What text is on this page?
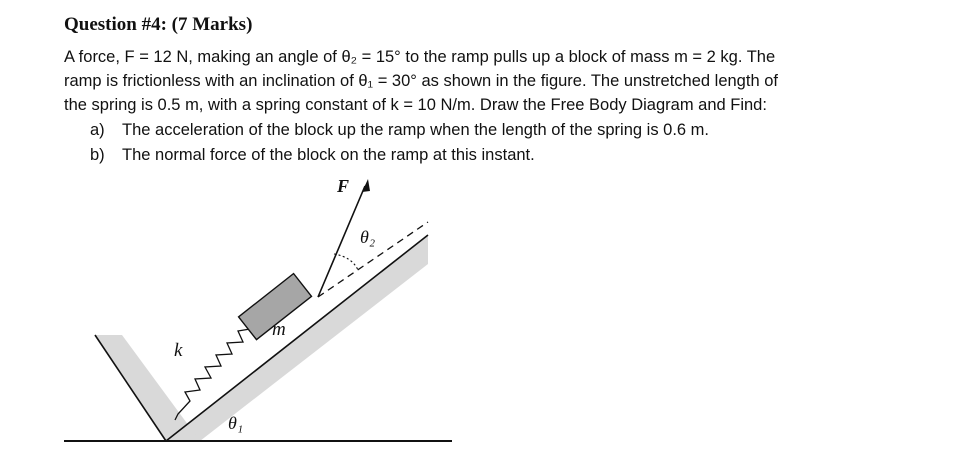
Question #4: (7 Marks)
A force, F = 12 N, making an angle of θ₂ = 15° to the ramp pulls up a block of mass m = 2 kg. The
ramp is frictionless with an inclination of θ₁ = 30° as shown in the figure. The unstretched length of
the spring is 0.5 m, with a spring constant of k = 10 N/m. Draw the Free Body Diagram and Find:
a) The acceleration of the block up the ramp when the length of the spring is 0.6 m.
b) The normal force of the block on the ramp at this instant.
F
θ₂
m
k
θ₁
